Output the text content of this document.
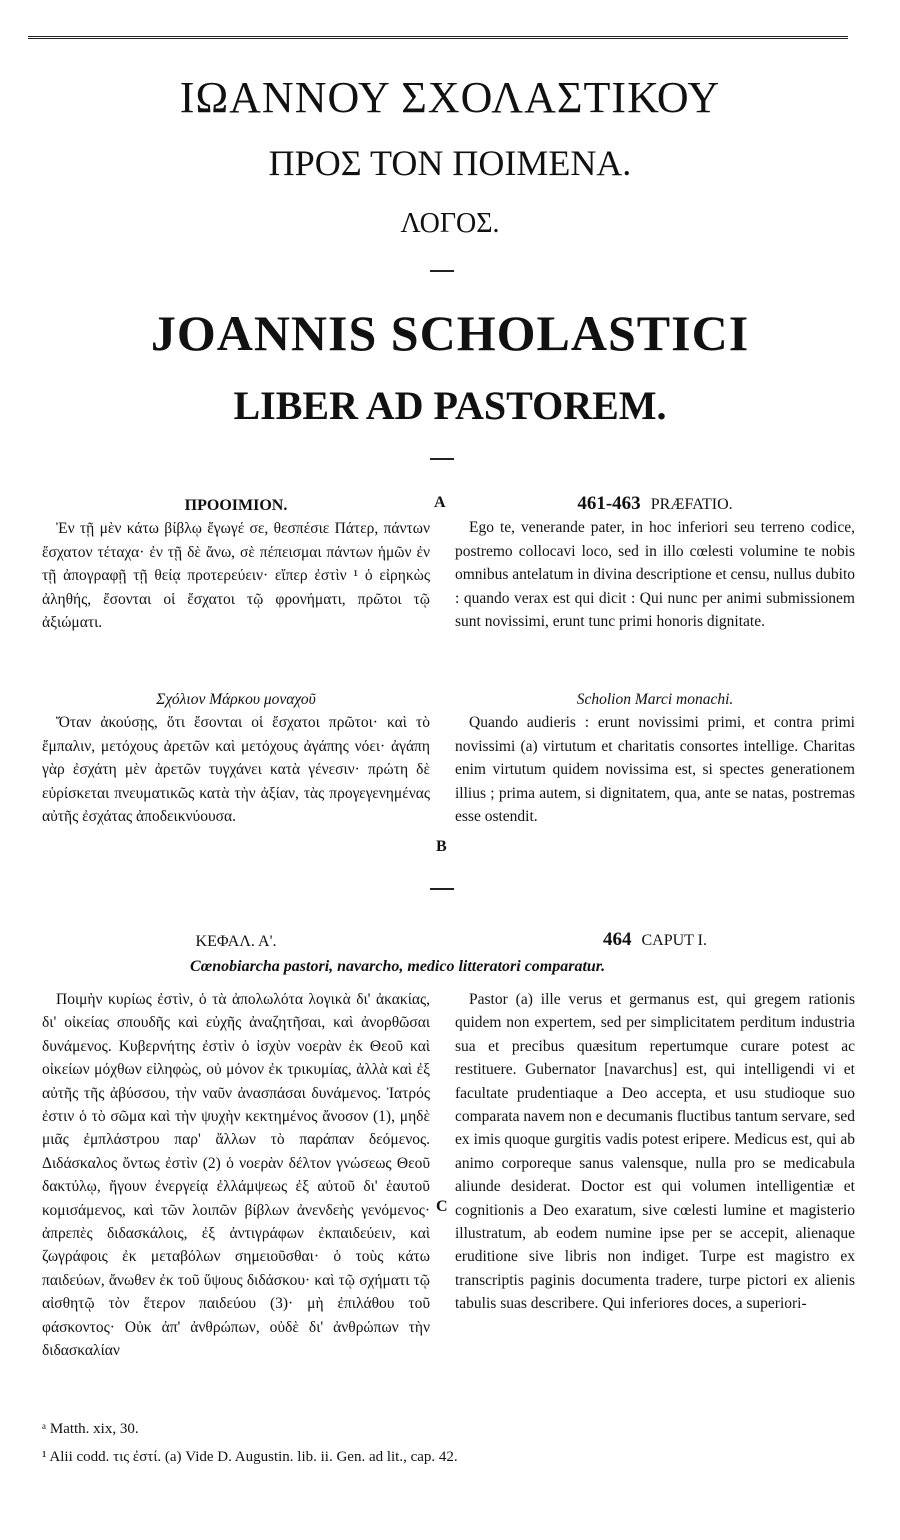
ΙΩΑΝΝΟΥ ΣΧΟΛΑΣΤΙΚΟΥ
ΠΡΟΣ ΤΟΝ ΠΟΙΜΕΝΑ.
ΛΟΓΟΣ.
JOANNIS SCHOLASTICI
LIBER AD PASTOREM.
ΠΡΟΟΙΜΙΟΝ.

Ἐν τῇ μὲν κάτω βίβλῳ ἔγωγέ σε, θεσπέσιε Πάτερ, πάντων ἔσχατον τέταχα· ἐν τῇ δὲ ἄνω, σὲ πέπεισμαι πάντων ἡμῶν ἐν τῇ ἀπογραφῇ τῇ θείᾳ προτερεύειν· εἴπερ ἐστὶν ¹ ὁ εἰρηκὼς ἀληθής, ἔσονται οἱ ἔσχατοι τῷ φρονήματι, πρῶτοι τῷ ἀξιώματι.

A	461-463 PRÆFATIO.

Ego te, venerande pater, in hoc inferiori seu terreno codice, postremo collocavi loco, sed in illo cœlesti volumine te nobis omnibus antelatum in divina descriptione et censu, nullus dubito : quando verax est qui dicit : Qui nunc per animi submissionem sunt novissimi, erunt tunc primi honoris dignitate.

Σχόλιον Μάρκου μοναχοῦ

Ὅταν ἀκούσῃς, ὅτι ἔσονται οἱ ἔσχατοι πρῶτοι· καὶ τὸ ἔμπαλιν, μετόχους ἀρετῶν καὶ μετόχους ἀγάπης νόει· ἀγάπη γὰρ ἐσχάτη μὲν ἀρετῶν τυγχάνει κατὰ γένεσιν· πρώτη δὲ εὑρίσκεται πνευματικῶς κατὰ τὴν ἀξίαν, τὰς προγεγενημένας αὐτῆς ἐσχάτας ἀποδεικνύουσα.

Scholion Marci monachi.

Quando audieris : erunt novissimi primi, et contra primi novissimi (a) virtutum et charitatis consortes intellige. Charitas enim virtutum quidem novissima est, si spectes generationem illius ; prima autem, si dignitatem, qua, ante se natas, postremas esse ostendit.

B
ΚΕΦΑΛ. Α'.	464 CAPUT I.
Cœnobiarcha pastori, navarcho, medico litteratori comparatur.

Ποιμὴν κυρίως ἐστὶν, ὁ τὰ ἀπολωλότα λογικὰ δι' ἀκακίας, δι' οἰκείας σπουδῆς καὶ εὐχῆς ἀναζητῆσαι, καὶ ἀνορθῶσαι δυνάμενος. Κυβερνήτης ἐστὶν ὁ ἰσχὺν νοερὰν ἐκ Θεοῦ καὶ οἰκείων μόχθων εἰληφὼς, οὐ μόνον ἐκ τρικυμίας, ἀλλὰ καὶ ἐξ αὐτῆς τῆς ἀβύσσου, τὴν ναῦν ἀνασπάσαι δυνάμενος. Ἰατρός ἐστιν ὁ τὸ σῶμα καὶ τὴν ψυχὴν κεκτημένος ἄνοσον (1), μηδὲ μιᾶς ἐμπλάστρου παρ' ἄλλων τὸ παράπαν δεόμενος. Διδάσκαλος ὄντως ἐστὶν (2) ὁ νοερὰν δέλτον γνώσεως Θεοῦ δακτύλῳ, ἤγουν ἐνεργείᾳ ἐλλάμψεως ἐξ αὐτοῦ δι' ἑαυτοῦ κομισάμενος, καὶ τῶν λοιπῶν βίβλων ἀνενδεὴς γενόμενος· ἀπρεπὲς διδασκάλοις, ἐξ ἀντιγράφων ἐκπαιδεύειν, καὶ ζωγράφοις ἐκ μεταβόλων σημειοῦσθαι· ὁ τοὺς κάτω παιδεύων, ἄνωθεν ἐκ τοῦ ὕψους διδάσκου· καὶ τῷ σχήματι τῷ αἰσθητῷ τὸν ἕτερον παιδεύου (3)· μὴ ἐπιλάθου τοῦ φάσκοντος· Οὐκ ἀπ' ἀνθρώπων, οὐδὲ δι' ἀνθρώπων τὴν διδασκαλίαν

C

Pastor (a) ille verus et germanus est, qui gregem rationis quidem non expertem, sed per simplicitatem perditum industria sua et precibus quæsitum repertumque curare potest ac restituere. Gubernator [navarchus] est, qui intelligendi vi et facultate prudentiaque a Deo accepta, et usu studioque suo comparata navem non e decumanis fluctibus tantum servare, sed ex imis quoque gurgitis vadis potest eripere. Medicus est, qui ab animo corporeque sanus valensque, nulla pro se medicabula aliunde desiderat. Doctor est qui volumen intelligentiæ et cognitionis a Deo exaratum, sive cœlesti lumine et magisterio illustratum, ab eodem numine ipse per se accepit, alienaque eruditione sive libris non indiget. Turpe est magistro ex transcriptis paginis documenta tradere, turpe pictori ex alienis tabulis suas describere. Qui inferiores doces, a superiori-

ᵃ Matth. xix, 30.
¹ Alii codd. τις ἐστί. (a) Vide D. Augustin. lib. ii. Gen. ad lit., cap. 42.
